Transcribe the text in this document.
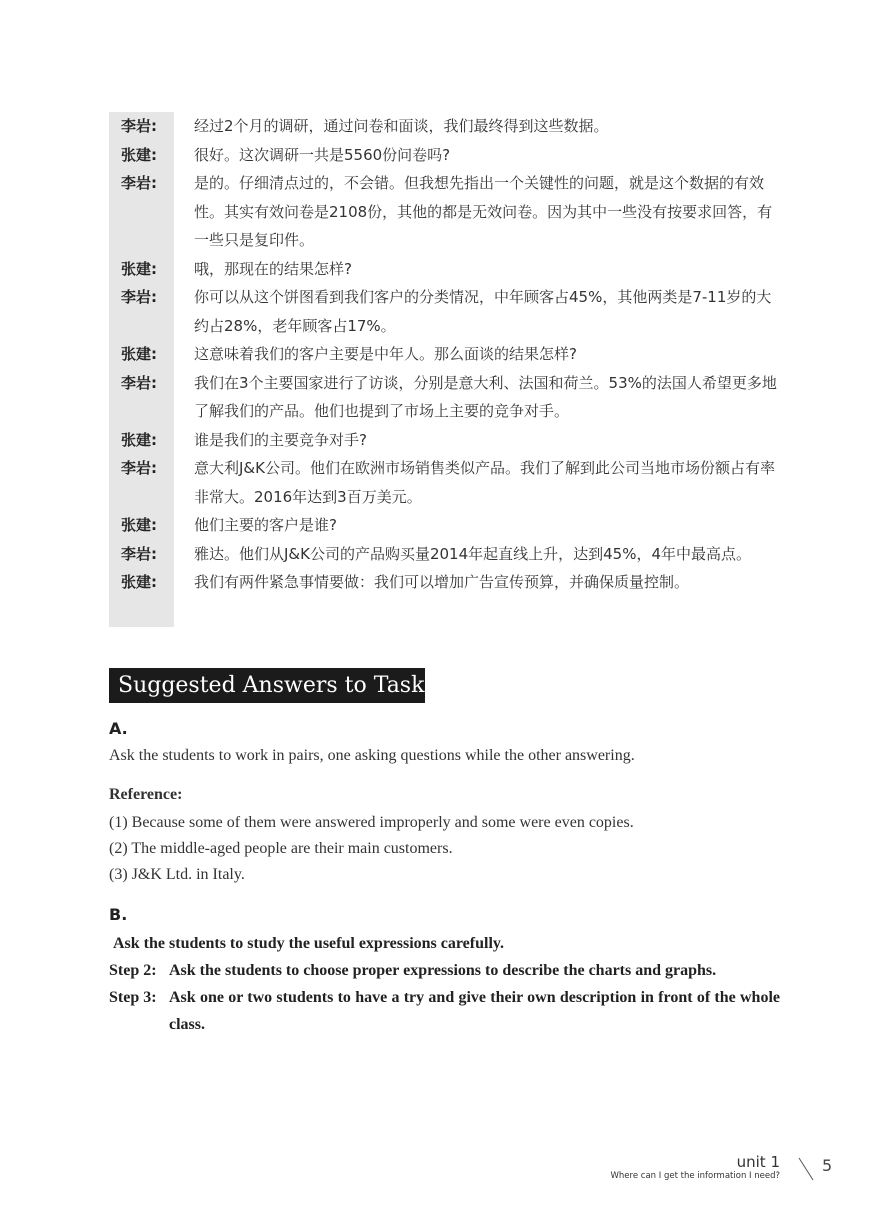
李岩:	经过2个月的调研，通过问卷和面谈，我们最终得到这些数据。
张建:	很好。这次调研一共是5560份问卷吗?
李岩:	是的。仔细清点过的，不会错。但我想先指出一个关键性的问题，就是这个数据的有效性。其实有效问卷是2108份，其他的都是无效问卷。因为其中一些没有按要求回答，有一些只是复印件。
张建:	哦，那现在的结果怎样?
李岩:	你可以从这个饼图看到我们客户的分类情况，中年顾客占45%，其他两类是7-11岁的大约占28%，老年顾客占17%。
张建:	这意味着我们的客户主要是中年人。那么面谈的结果怎样?
李岩:	我们在3个主要国家进行了访谈，分别是意大利、法国和荷兰。53%的法国人希望更多地了解我们的产品。他们也提到了市场上主要的竞争对手。
张建:	谁是我们的主要竞争对手?
李岩:	意大利J&K公司。他们在欧洲市场销售类似产品。我们了解到此公司当地市场份额占有率非常大。2016年达到3百万美元。
张建:	他们主要的客户是谁?
李岩:	雅达。他们从J&K公司的产品购买量2014年起直线上升，达到45%，4年中最高点。
张建:	我们有两件紧急事情要做：我们可以增加广告宣传预算，并确保质量控制。
Suggested Answers to Tasks
A.
Ask the students to work in pairs, one asking questions while the other answering.
Reference:
(1) Because some of them were answered improperly and some were even copies.
(2) The middle-aged people are their main customers.
(3) J&K Ltd. in Italy.
B.
Ask the students to study the useful expressions carefully.
Step 2: Ask the students to choose proper expressions to describe the charts and graphs.
Step 3: Ask one or two students to have a try and give their own description in front of the whole class.
unit 1
Where can I get the information I need?
5
